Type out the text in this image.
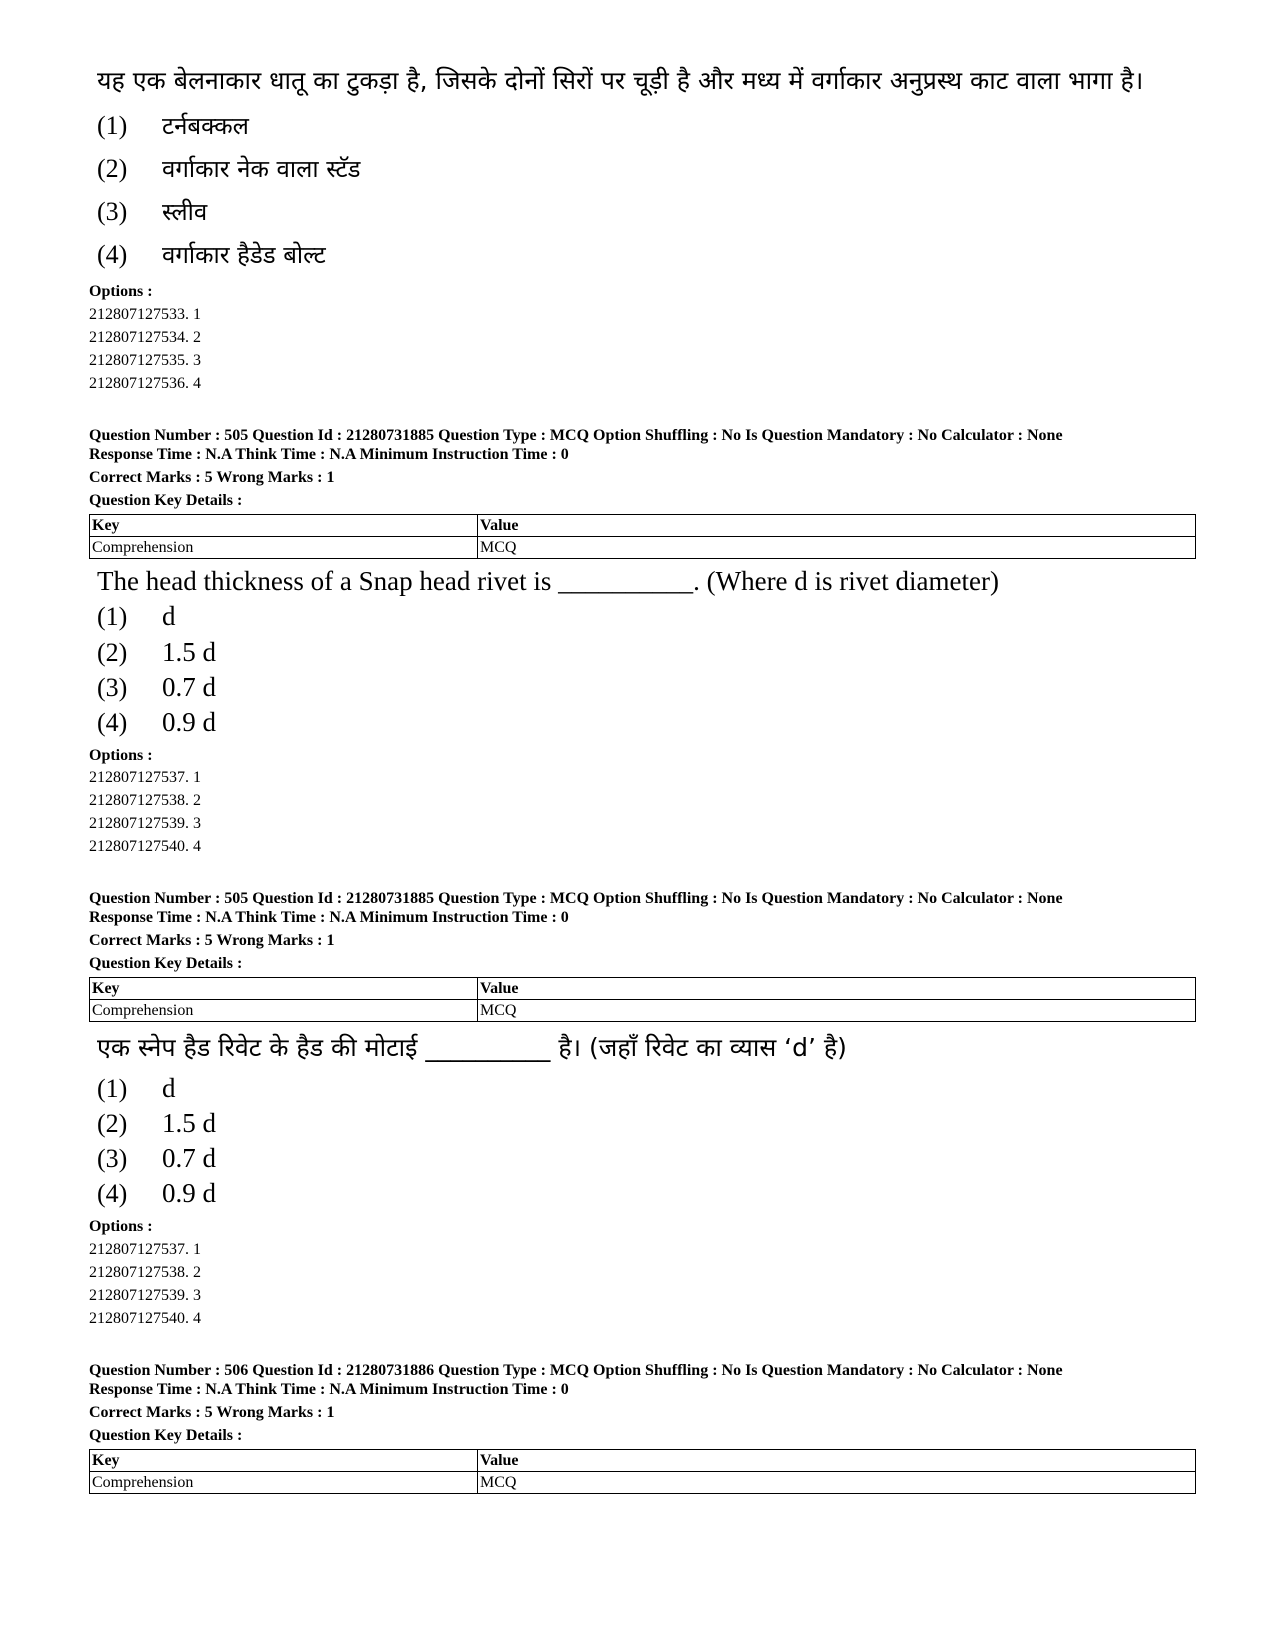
यह एक बेलनाकार धातू का टुकड़ा है, जिसके दोनों सिरों पर चूड़ी है और मध्य में वर्गाकार अनुप्रस्थ काट वाला भागा है।
(1) टर्नबक्कल
(2) वर्गाकार नेक वाला स्टॅड
(3) स्लीव
(4) वर्गाकार हैडेड बोल्ट
Options :
212807127533. 1
212807127534. 2
212807127535. 3
212807127536. 4
Question Number : 505 Question Id : 21280731885 Question Type : MCQ Option Shuffling : No Is Question Mandatory : No Calculator : None
Response Time : N.A Think Time : N.A Minimum Instruction Time : 0
Correct Marks : 5 Wrong Marks : 1
Question Key Details :
Key	Value
Comprehension	MCQ
The head thickness of a Snap head rivet is __________. (Where d is rivet diameter)
(1) d
(2) 1.5 d
(3) 0.7 d
(4) 0.9 d
Options :
212807127537. 1
212807127538. 2
212807127539. 3
212807127540. 4
Question Number : 505 Question Id : 21280731885 Question Type : MCQ Option Shuffling : No Is Question Mandatory : No Calculator : None
Response Time : N.A Think Time : N.A Minimum Instruction Time : 0
Correct Marks : 5 Wrong Marks : 1
Question Key Details :
Key	Value
Comprehension	MCQ
एक स्नेप हैड रिवेट के हैड की मोटाई __________ है। (जहाँ रिवेट का व्यास ‘d’ है)
(1) d
(2) 1.5 d
(3) 0.7 d
(4) 0.9 d
Options :
212807127537. 1
212807127538. 2
212807127539. 3
212807127540. 4
Question Number : 506 Question Id : 21280731886 Question Type : MCQ Option Shuffling : No Is Question Mandatory : No Calculator : None
Response Time : N.A Think Time : N.A Minimum Instruction Time : 0
Correct Marks : 5 Wrong Marks : 1
Question Key Details :
Key	Value
Comprehension	MCQ
